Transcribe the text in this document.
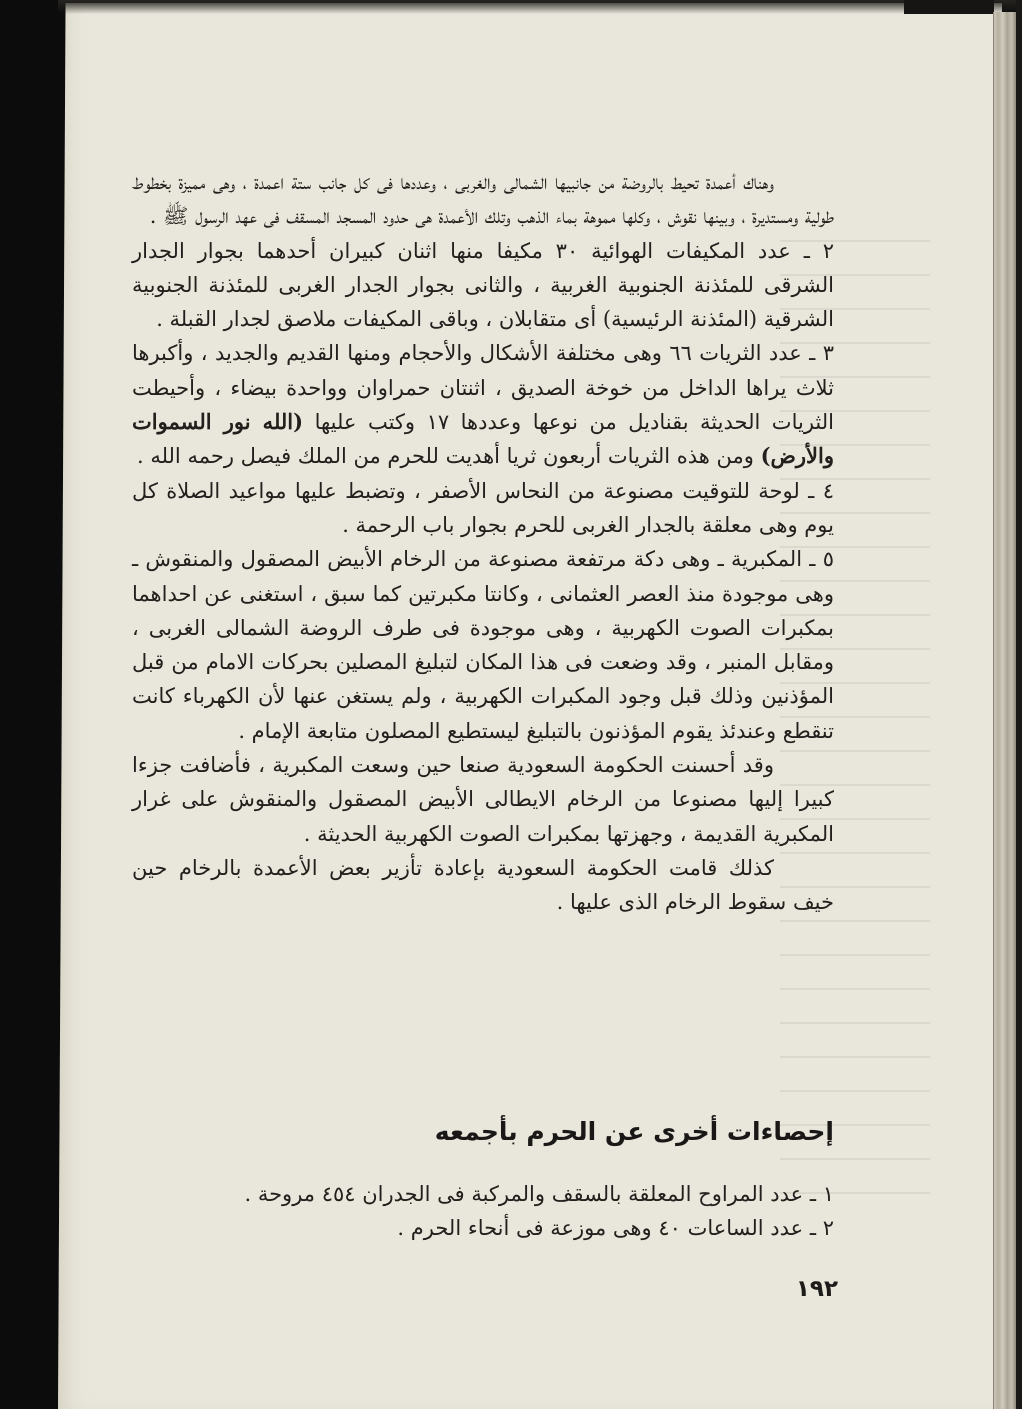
وهناك أعمدة تحيط بالروضة من جانبيها الشمالى والغربى ، وعددها فى كل جانب ستة اعمدة ، وهى مميزة بخطوط طولية ومستديرة ، وبينها نقوش ، وكلها مموهة بماء الذهب وتلك الأعمدة هى حدود المسجد المسقف فى عهد الرسول ﷺ .

٢ ـ عدد المكيفات الهوائية ٣٠ مكيفا منها اثنان كبيران أحدهما بجوار الجدار الشرقى للمئذنة الجنوبية الغربية ، والثانى بجوار الجدار الغربى للمئذنة الجنوبية الشرقية (المئذنة الرئيسية) أى متقابلان ، وباقى المكيفات ملاصق لجدار القبلة .

٣ ـ عدد الثريات ٦٦ وهى مختلفة الأشكال والأحجام ومنها القديم والجديد ، وأكبرها ثلاث يراها الداخل من خوخة الصديق ، اثنتان حمراوان وواحدة بيضاء ، وأحيطت الثريات الحديثة بقناديل من نوعها وعددها ١٧ وكتب عليها (الله نور السموات والأرض) ومن هذه الثريات أربعون ثريا أهديت للحرم من الملك فيصل رحمه الله .

٤ ـ لوحة للتوقيت مصنوعة من النحاس الأصفر ، وتضبط عليها مواعيد الصلاة كل يوم وهى معلقة بالجدار الغربى للحرم بجوار باب الرحمة .

٥ ـ المكبرية ـ وهى دكة مرتفعة مصنوعة من الرخام الأبيض المصقول والمنقوش ـ وهى موجودة منذ العصر العثمانى ، وكانتا مكبرتين كما سبق ، استغنى عن احداهما بمكبرات الصوت الكهربية ، وهى موجودة فى طرف الروضة الشمالى الغربى ، ومقابل المنبر ، وقد وضعت فى هذا المكان لتبليغ المصلين بحركات الامام من قبل المؤذنين وذلك قبل وجود المكبرات الكهربية ، ولم يستغن عنها لأن الكهرباء كانت تنقطع وعندئذ يقوم المؤذنون بالتبليغ ليستطيع المصلون متابعة الإمام .

وقد أحسنت الحكومة السعودية صنعا حين وسعت المكبرية ، فأضافت جزءا كبيرا إليها مصنوعا من الرخام الايطالى الأبيض المصقول والمنقوش على غرار المكبرية القديمة ، وجهزتها بمكبرات الصوت الكهربية الحديثة .

كذلك قامت الحكومة السعودية بإعادة تأزير بعض الأعمدة بالرخام حين خيف سقوط الرخام الذى عليها .

إحصاءات أخرى عن الحرم بأجمعه

١ ـ عدد المراوح المعلقة بالسقف والمركبة فى الجدران ٤٥٤ مروحة .

٢ ـ عدد الساعات ٤٠ وهى موزعة فى أنحاء الحرم .

١٩٢
